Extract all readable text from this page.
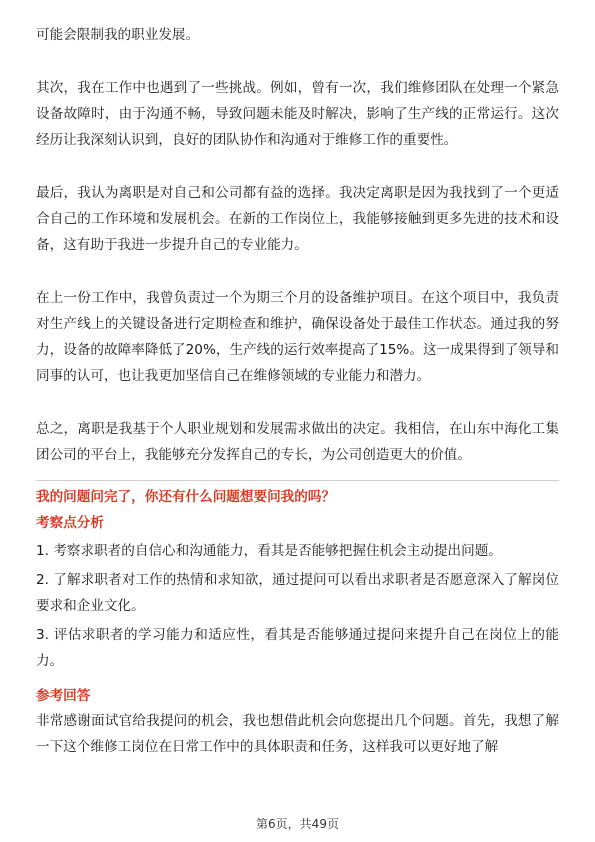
可能会限制我的职业发展。

其次，我在工作中也遇到了一些挑战。例如，曾有一次，我们维修团队在处理一个紧急设备故障时，由于沟通不畅，导致问题未能及时解决，影响了生产线的正常运行。这次经历让我深刻认识到，良好的团队协作和沟通对于维修工作的重要性。

最后，我认为离职是对自己和公司都有益的选择。我决定离职是因为我找到了一个更适合自己的工作环境和发展机会。在新的工作岗位上，我能够接触到更多先进的技术和设备，这有助于我进一步提升自己的专业能力。

在上一份工作中，我曾负责过一个为期三个月的设备维护项目。在这个项目中，我负责对生产线上的关键设备进行定期检查和维护，确保设备处于最佳工作状态。通过我的努力，设备的故障率降低了20%，生产线的运行效率提高了15%。这一成果得到了领导和同事的认可，也让我更加坚信自己在维修领域的专业能力和潜力。

总之，离职是我基于个人职业规划和发展需求做出的决定。我相信，在山东中海化工集团公司的平台上，我能够充分发挥自己的专长，为公司创造更大的价值。

我的问题问完了，你还有什么问题想要问我的吗？
考察点分析

1. 考察求职者的自信心和沟通能力，看其是否能够把握住机会主动提出问题。

2. 了解求职者对工作的热情和求知欲，通过提问可以看出求职者是否愿意深入了解岗位要求和企业文化。

3. 评估求职者的学习能力和适应性，看其是否能够通过提问来提升自己在岗位上的能力。

参考回答

非常感谢面试官给我提问的机会，我也想借此机会向您提出几个问题。首先，我想了解一下这个维修工岗位在日常工作中的具体职责和任务，这样我可以更好地了解

第6页，共49页
